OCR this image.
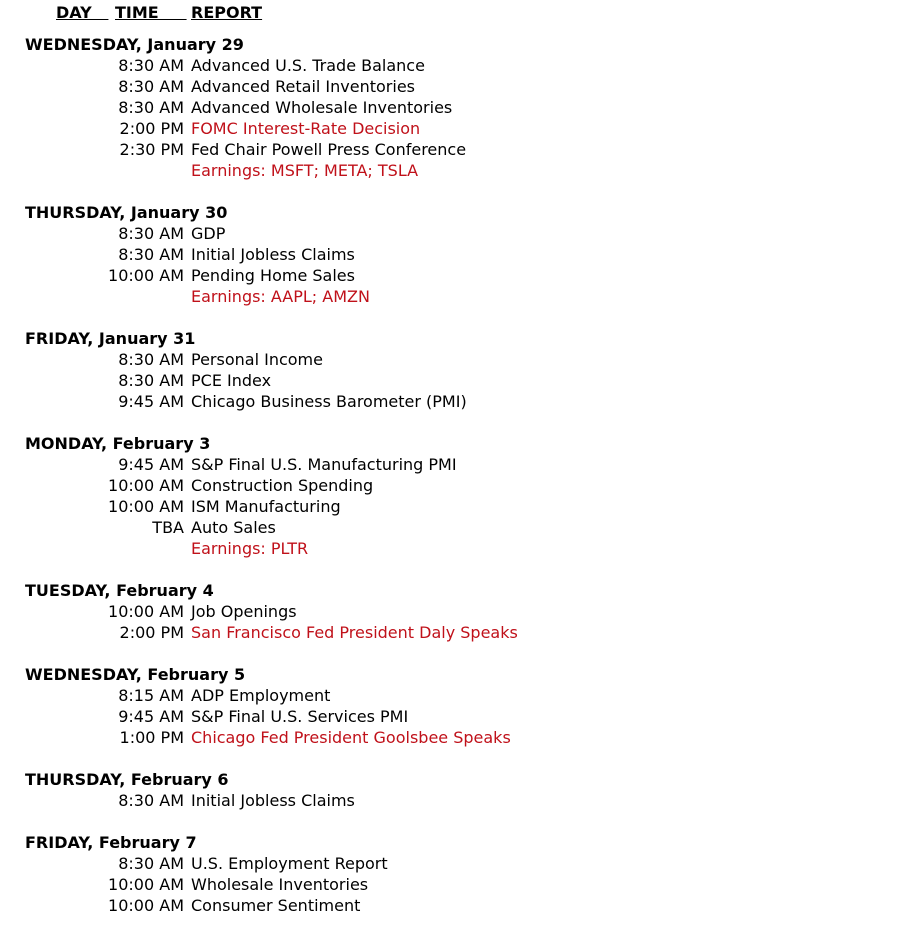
DAY TIME REPORT
WEDNESDAY, January 29
8:30 AM Advanced U.S. Trade Balance
8:30 AM Advanced Retail Inventories
8:30 AM Advanced Wholesale Inventories
2:00 PM FOMC Interest-Rate Decision
2:30 PM Fed Chair Powell Press Conference
Earnings: MSFT; META; TSLA
THURSDAY, January 30
8:30 AM GDP
8:30 AM Initial Jobless Claims
10:00 AM Pending Home Sales
Earnings: AAPL; AMZN
FRIDAY, January 31
8:30 AM Personal Income
8:30 AM PCE Index
9:45 AM Chicago Business Barometer (PMI)
MONDAY, February 3
9:45 AM S&P Final U.S. Manufacturing PMI
10:00 AM Construction Spending
10:00 AM ISM Manufacturing
TBA Auto Sales
Earnings: PLTR
TUESDAY, February 4
10:00 AM Job Openings
2:00 PM San Francisco Fed President Daly Speaks
WEDNESDAY, February 5
8:15 AM ADP Employment
9:45 AM S&P Final U.S. Services PMI
1:00 PM Chicago Fed President Goolsbee Speaks
THURSDAY, February 6
8:30 AM Initial Jobless Claims
FRIDAY, February 7
8:30 AM U.S. Employment Report
10:00 AM Wholesale Inventories
10:00 AM Consumer Sentiment
